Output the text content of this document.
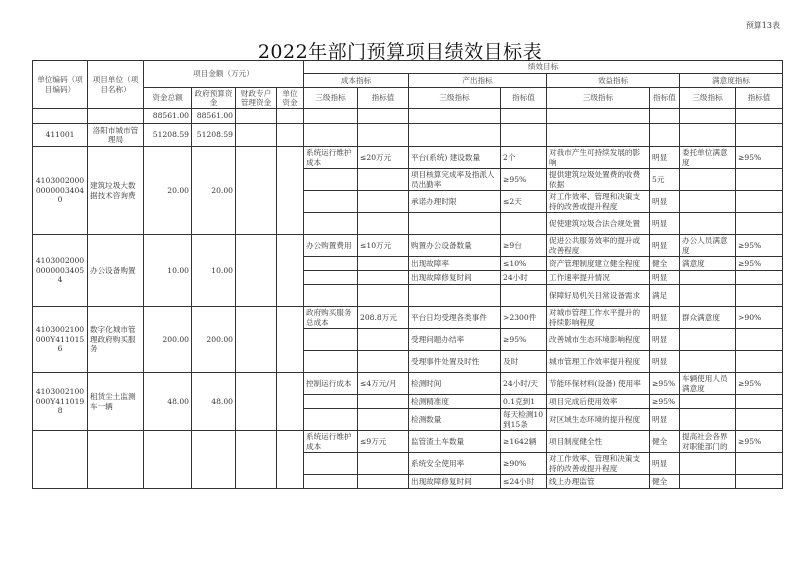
预算13表
2022年部门预算项目绩效目标表
单位编码（项目编码）	项目单位（项目名称）	项目金额（万元）				绩效目标							
						成本指标		产出指标		效益指标		满意度指标	
		资金总额	政府预算资金	财政专户管理资金	单位资金	三级指标	指标值	三级指标	指标值	三级指标	指标值	三级指标	指标值
		88561.00	88561.00										
411001	洛阳市城市管理局	51208.59	51208.59										
410300200000000034040	建筑垃圾大数据技术咨询费	20.00	20.00			系统运行维护成本	≤20万元	平台(系统) 建设数量	2个	对我市产生可持续发展的影响	明显	委托单位满意度	≥95%
								项目核算完成率及指派人员出勤率	≥95%	提供建筑垃圾处置费的收费依据	5元		
								承诺办理时限	≤2天	对工作效率、管理和决策支持的改善或提升程度	明显		
										促使建筑垃圾合法合规处置	明显		
410300200000000034054	办公设备购置	10.00	10.00			办公购置费用	≤10万元	购置办公设备数量	≥9台	促进公共服务效率的提升或改善程度	明显	办公人员满意度	≥95%
								出现故障率	≤10%	资产管理制度建立健全程度	健全	满意度	≥95%
								出现故障修复时间	24小时	工作速率提升情况	明显		
										保障好局机关日常设备需求	满足		
4103002100000Y4110156	数字化城市管理政府购买服务	200.00	200.00			政府购买服务总成本	208.8万元	平台日均受理各类事件	>2300件	对城市管理工作水平提升的持续影响程度	明显	群众满意度	>90%
								受理问题办结率	≥95%	改善城市生态环境影响程度	明显		
								受理事件处置及时性	及时	城市管理工作效率提升程度	明显		
4103002100000Y4110198	租赁尘土监测车一辆	48.00	48.00			控制运行成本	≤4万元/月	检测时间	24小时/天	节能环保材料(设备) 使用率	≥95%	车辆使用人员满意度	≥95%
								检测精准度	0.1克到1	项目完成后使用效率	≥95%		
								检测数量	每天检测10到15条	对区域生态环境的提升程度	明显		
						系统运行维护成本	≤9万元	监管渣土车数量	≥1642辆	项目制度健全性	健全	提高社会各界对职能部门的	≥95%
								系统安全使用率	≥90%	对工作效率、管理和决策支持的改善或提升程度	明显		
								出现故障修复时间	≤24小时	线上办理监管	健全		
